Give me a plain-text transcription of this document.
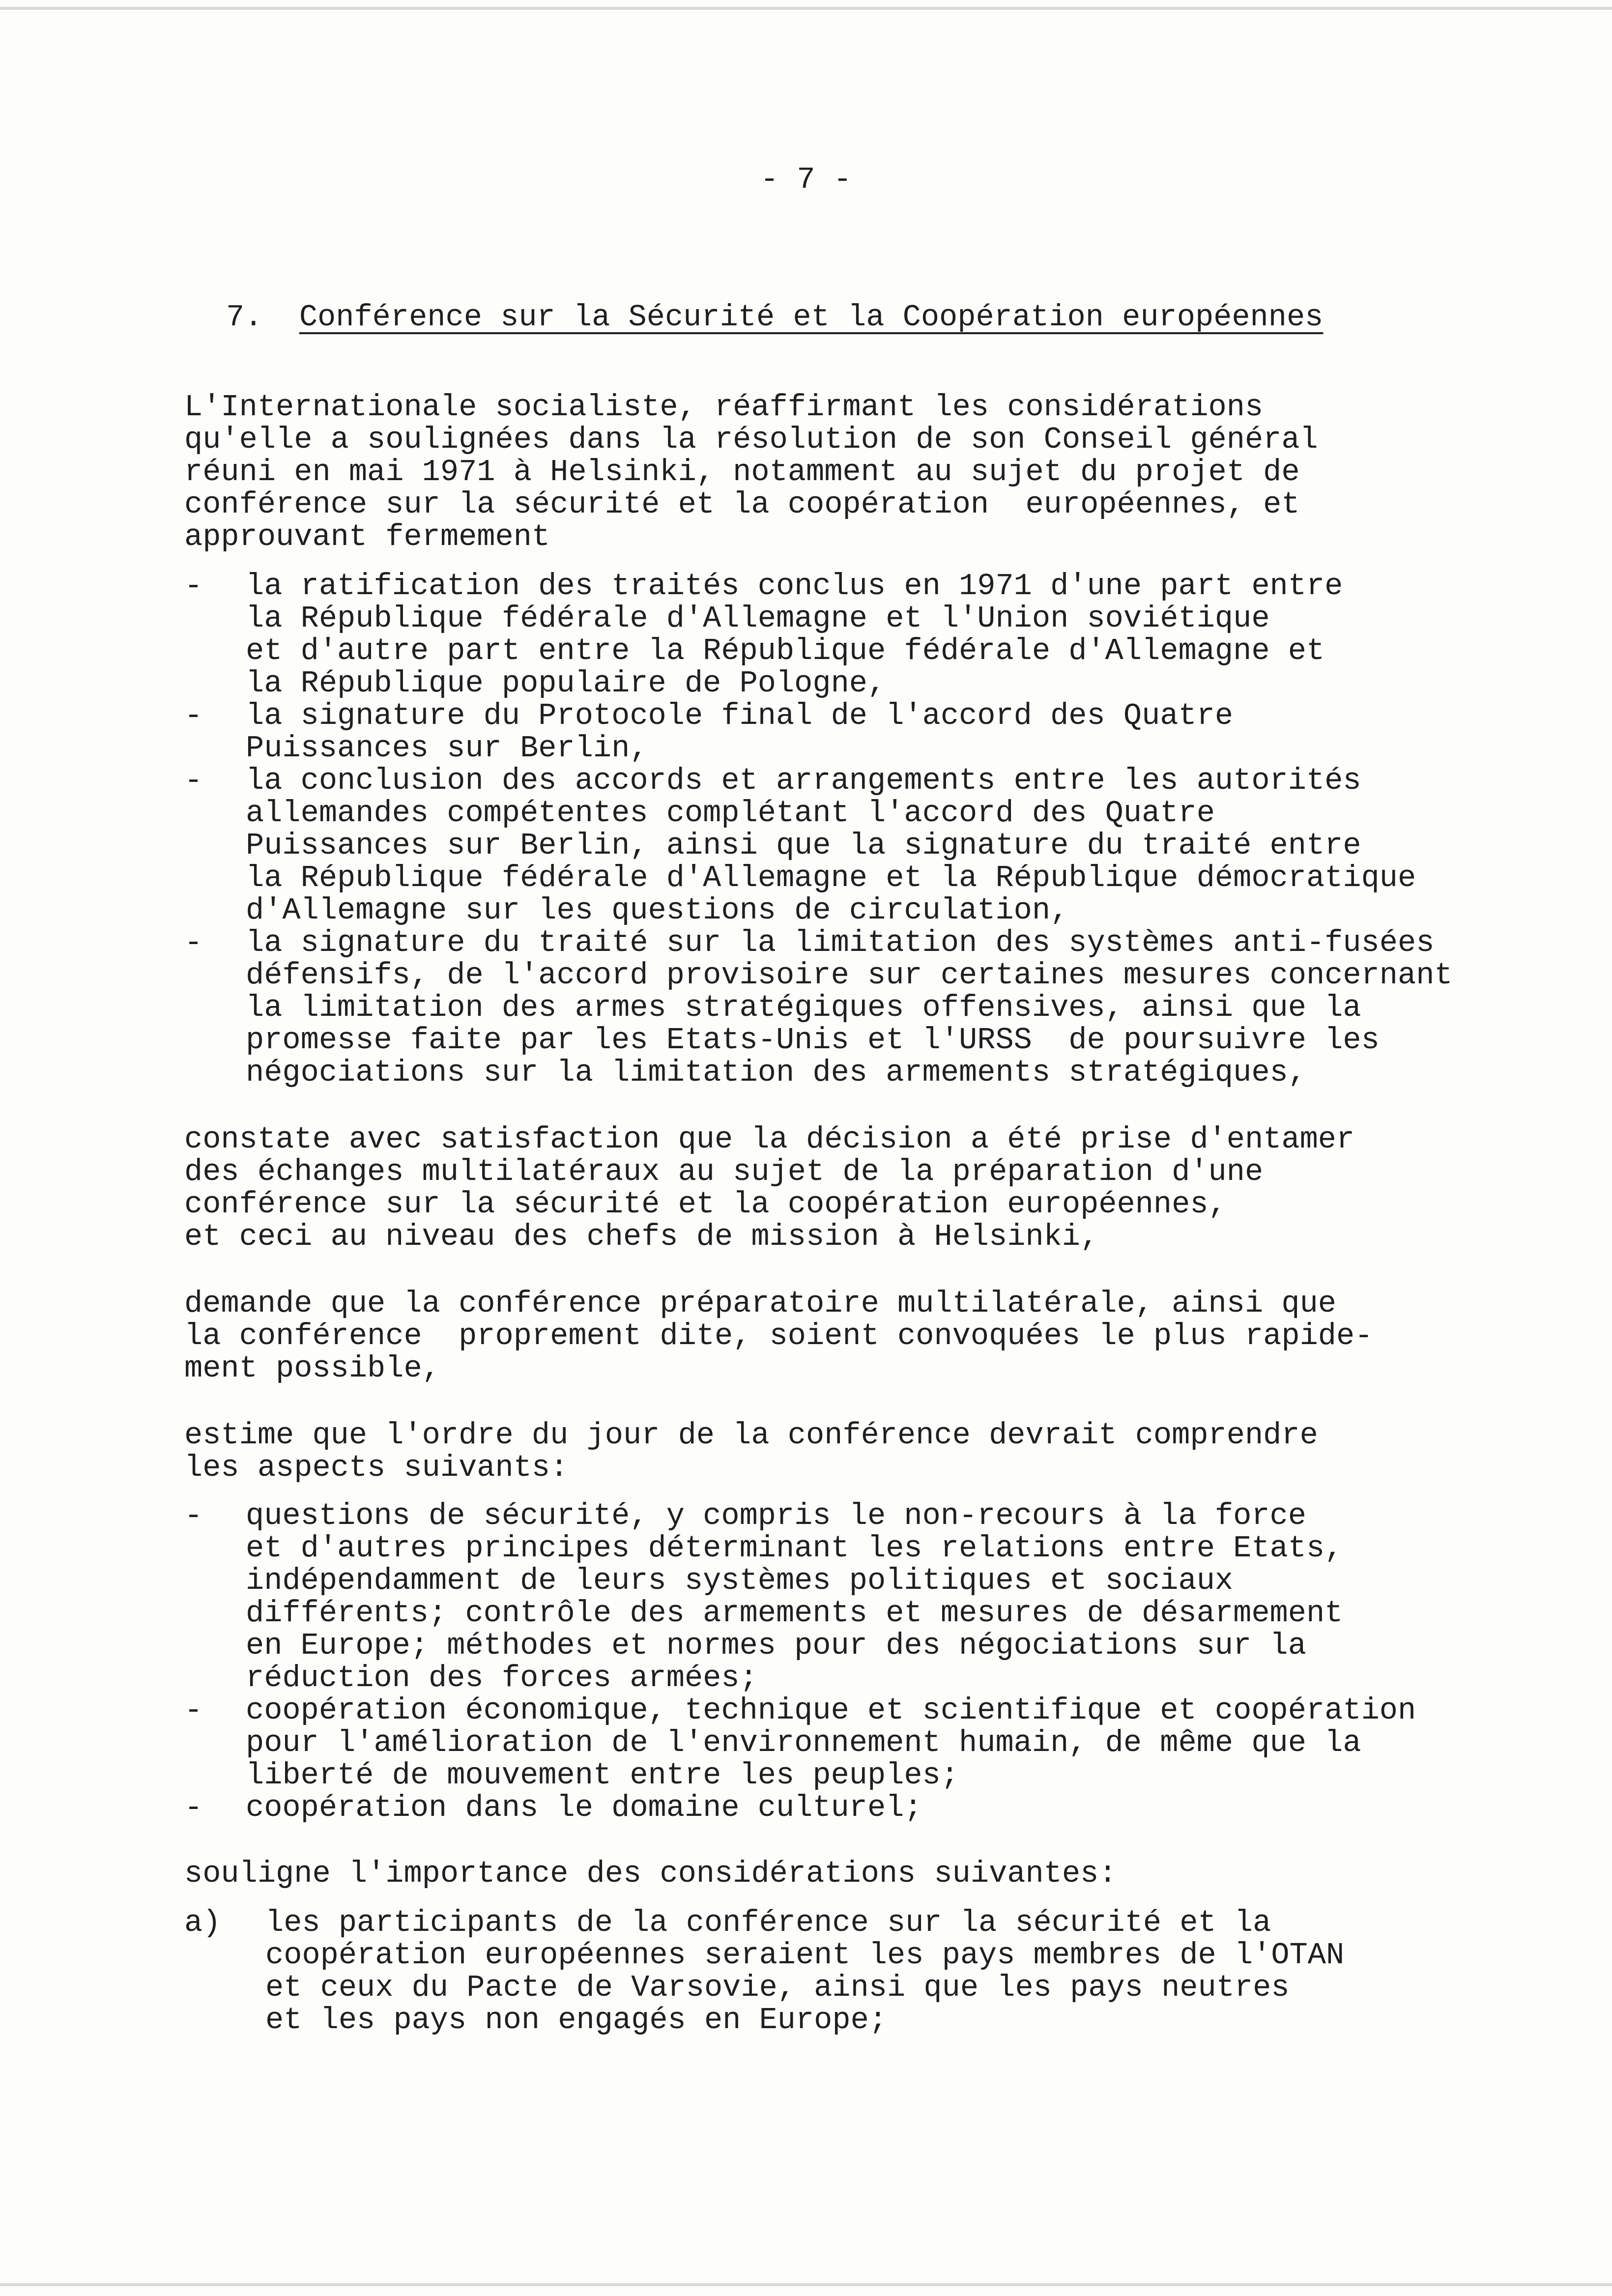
- 7 -
7. Conférence sur la Sécurité et la Coopération européennes
L'Internationale socialiste, réaffirmant les considérations
qu'elle a soulignées dans la résolution de son Conseil général
réuni en mai 1971 à Helsinki, notamment au sujet du projet de
conférence sur la sécurité et la coopération  européennes, et
approuvant fermement
- la ratification des traités conclus en 1971 d'une part entre
la République fédérale d'Allemagne et l'Union soviétique
et d'autre part entre la République fédérale d'Allemagne et
la République populaire de Pologne,
- la signature du Protocole final de l'accord des Quatre
Puissances sur Berlin,
- la conclusion des accords et arrangements entre les autorités
allemandes compétentes complétant l'accord des Quatre
Puissances sur Berlin, ainsi que la signature du traité entre
la République fédérale d'Allemagne et la République démocratique
d'Allemagne sur les questions de circulation,
- la signature du traité sur la limitation des systèmes anti-fusées
défensifs, de l'accord provisoire sur certaines mesures concernant
la limitation des armes stratégiques offensives, ainsi que la
promesse faite par les Etats-Unis et l'URSS  de poursuivre les
négociations sur la limitation des armements stratégiques,
constate avec satisfaction que la décision a été prise d'entamer
des échanges multilatéraux au sujet de la préparation d'une
conférence sur la sécurité et la coopération européennes,
et ceci au niveau des chefs de mission à Helsinki,
demande que la conférence préparatoire multilatérale, ainsi que
la conférence  proprement dite, soient convoquées le plus rapide-
ment possible,
estime que l'ordre du jour de la conférence devrait comprendre
les aspects suivants:
- questions de sécurité, y compris le non-recours à la force
et d'autres principes déterminant les relations entre Etats,
indépendamment de leurs systèmes politiques et sociaux
différents; contrôle des armements et mesures de désarmement
en Europe; méthodes et normes pour des négociations sur la
réduction des forces armées;
- coopération économique, technique et scientifique et coopération
pour l'amélioration de l'environnement humain, de même que la
liberté de mouvement entre les peuples;
- coopération dans le domaine culturel;
souligne l'importance des considérations suivantes:
a) les participants de la conférence sur la sécurité et la
coopération européennes seraient les pays membres de l'OTAN
et ceux du Pacte de Varsovie, ainsi que les pays neutres
et les pays non engagés en Europe;
